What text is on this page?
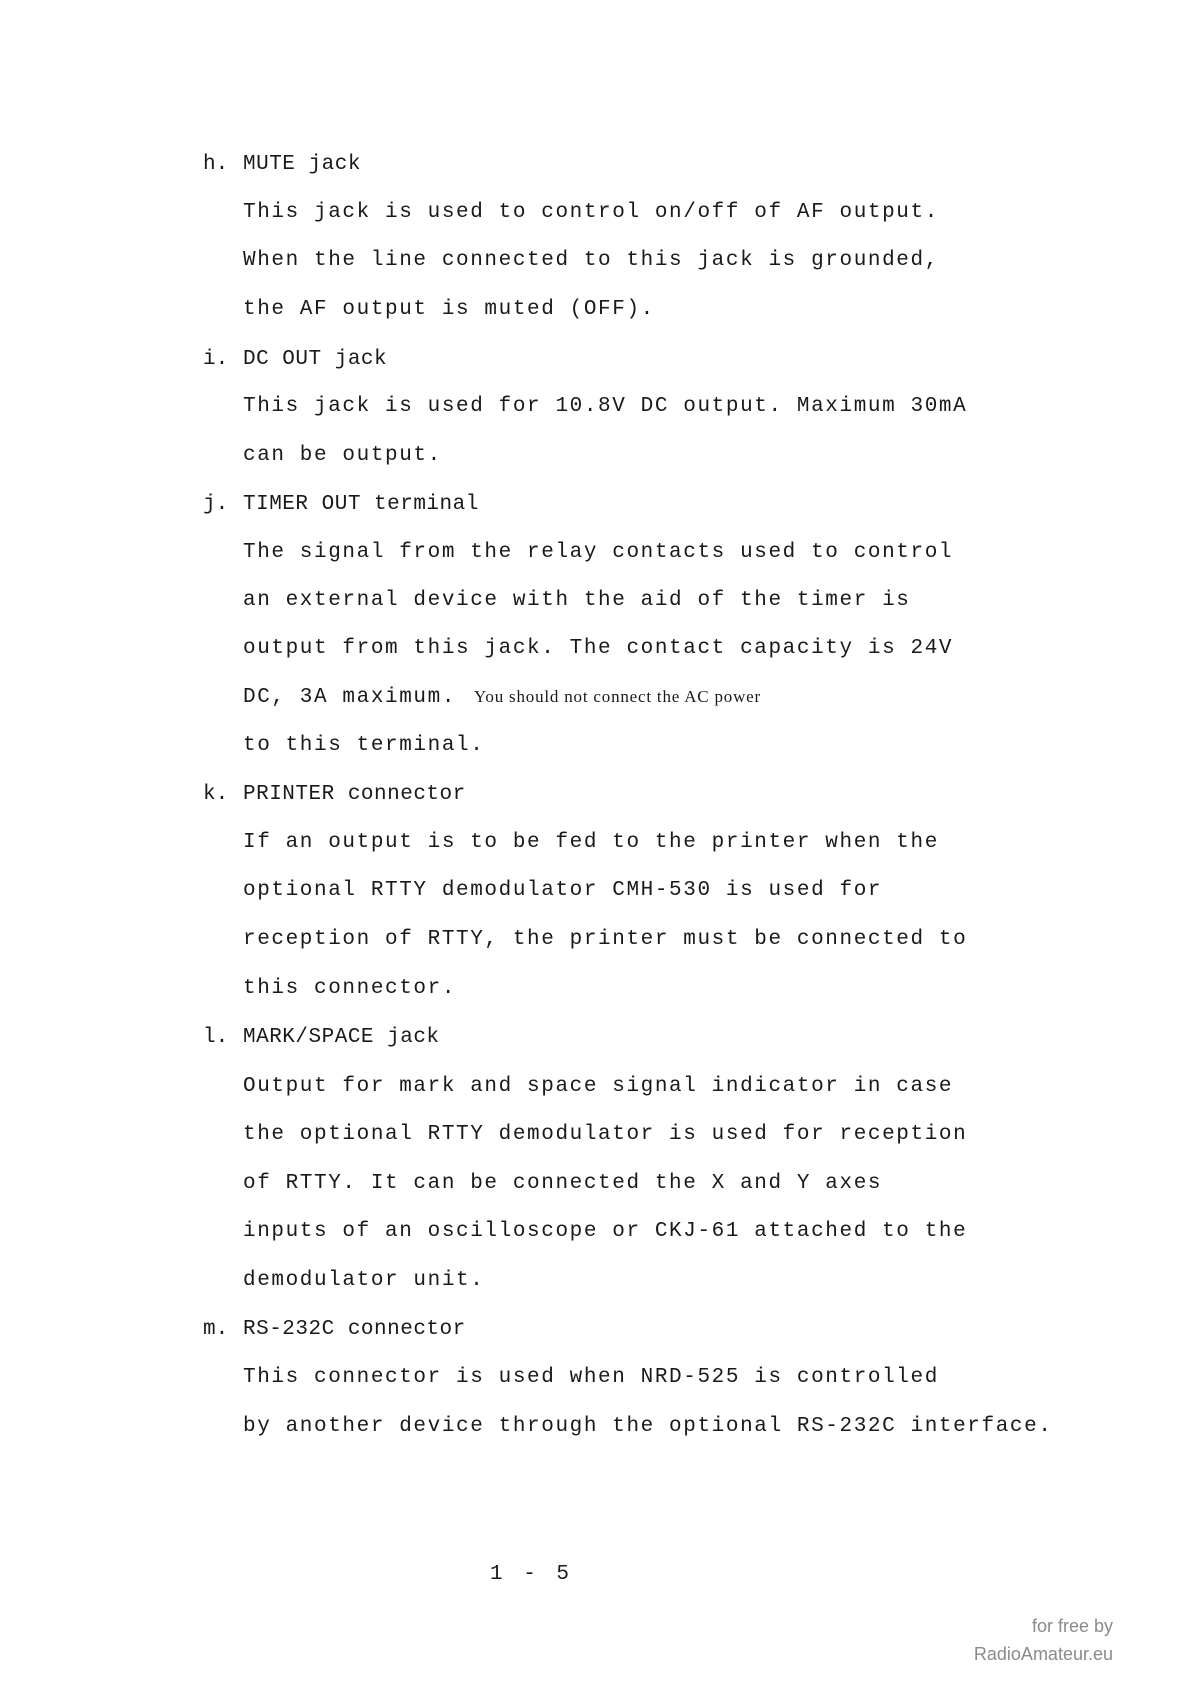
h. MUTE jack
This jack is used to control on/off of AF output.
When the line connected to this jack is grounded,
the AF output is muted (OFF).
i. DC OUT jack
This jack is used for 10.8V DC output. Maximum 30mA
can be output.
j. TIMER OUT terminal
The signal from the relay contacts used to control
an external device with the aid of the timer is
output from this jack. The contact capacity is 24V
DC, 3A maximum. You should not connect the AC power
to this terminal.
k. PRINTER connector
If an output is to be fed to the printer when the
optional RTTY demodulator CMH-530 is used for
reception of RTTY, the printer must be connected to
this connector.
l. MARK/SPACE jack
Output for mark and space signal indicator in case
the optional RTTY demodulator is used for reception
of RTTY. It can be connected the X and Y axes
inputs of an oscilloscope or CKJ-61 attached to the
demodulator unit.
m. RS-232C connector
This connector is used when NRD-525 is controlled
by another device through the optional RS-232C interface.
1 - 5
for free by
RadioAmateur.eu
